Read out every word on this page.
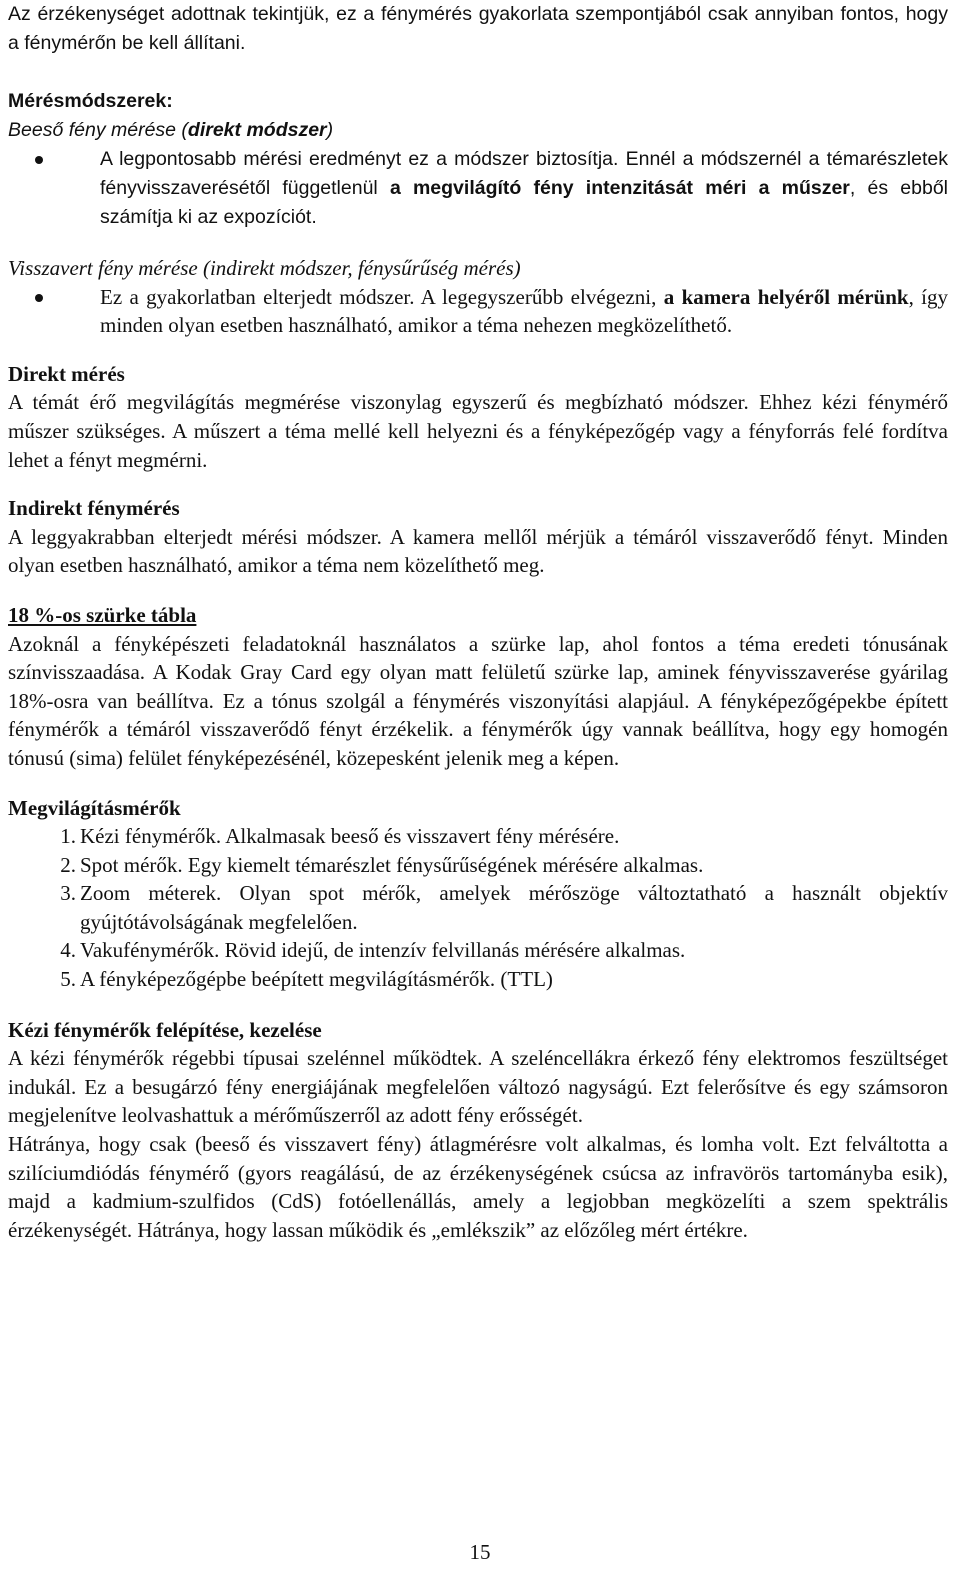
Az érzékenységet adottnak tekintjük, ez a fénymérés gyakorlata szempontjából csak annyiban fontos, hogy a fénymérőn be kell állítani.

Mérésmódszerek:

Beeső fény mérése (direkt módszer)

A legpontosabb mérési eredményt ez a módszer biztosítja. Ennél a módszernél a témarészletek fényvisszaverésétől függetlenül a megvilágító fény intenzitását méri a műszer, és ebből számítja ki az expozíciót.

Visszavert fény mérése (indirekt módszer, fénysűrűség mérés)

Ez a gyakorlatban elterjedt módszer. A legegyszerűbb elvégezni, a kamera helyéről mérünk, így minden olyan esetben használható, amikor a téma nehezen megközelíthető.

Direkt mérés

A témát érő megvilágítás megmérése viszonylag egyszerű és megbízható módszer. Ehhez kézi fénymérő műszer szükséges. A műszert a téma mellé kell helyezni és a fényképezőgép vagy a fényforrás felé fordítva lehet a fényt megmérni.

Indirekt fénymérés

A leggyakrabban elterjedt mérési módszer. A kamera mellől mérjük a témáról visszaverődő fényt. Minden olyan esetben használható, amikor a téma nem közelíthető meg.

18 %-os szürke tábla

Azoknál a fényképészeti feladatoknál használatos a szürke lap, ahol fontos a téma eredeti tónusának színvisszaadása. A Kodak Gray Card egy olyan matt felületű szürke lap, aminek fényvisszaverése gyárilag 18%-osra van beállítva. Ez a tónus szolgál a fénymérés viszonyítási alapjául. A fényképezőgépekbe épített fénymérők a témáról visszaverődő fényt érzékelik. a fénymérők úgy vannak beállítva, hogy egy homogén tónusú (sima) felület fényképezésénél, közepesként jelenik meg a képen.

Megvilágításmérők

1. Kézi fénymérők. Alkalmasak beeső és visszavert fény mérésére.
2. Spot mérők. Egy kiemelt témarészlet fénysűrűségének mérésére alkalmas.
3. Zoom méterek. Olyan spot mérők, amelyek mérőszöge változtatható a használt objektív gyújtótávolságának megfelelően.
4. Vakufénymérők. Rövid idejű, de intenzív felvillanás mérésére alkalmas.
5. A fényképezőgépbe beépített megvilágításmérők. (TTL)

Kézi fénymérők felépítése, kezelése

A kézi fénymérők régebbi típusai szelénnel működtek. A szeléncellákra érkező fény elektromos feszültséget indukál. Ez a besugárzó fény energiájának megfelelően változó nagyságú. Ezt felerősítve és egy számsoron megjelenítve leolvashattuk a mérőműszerről az adott fény erősségét.

Hátránya, hogy csak (beeső és visszavert fény) átlagmérésre volt alkalmas, és lomha volt. Ezt felváltotta a szilíciumdiódás fénymérő (gyors reagálású, de az érzékenységének csúcsa az infravörös tartományba esik), majd a kadmium-szulfidos (CdS) fotóellenállás, amely a legjobban megközelíti a szem spektrális érzékenységét. Hátránya, hogy lassan működik és „emlékszik” az előzőleg mért értékre.

15
